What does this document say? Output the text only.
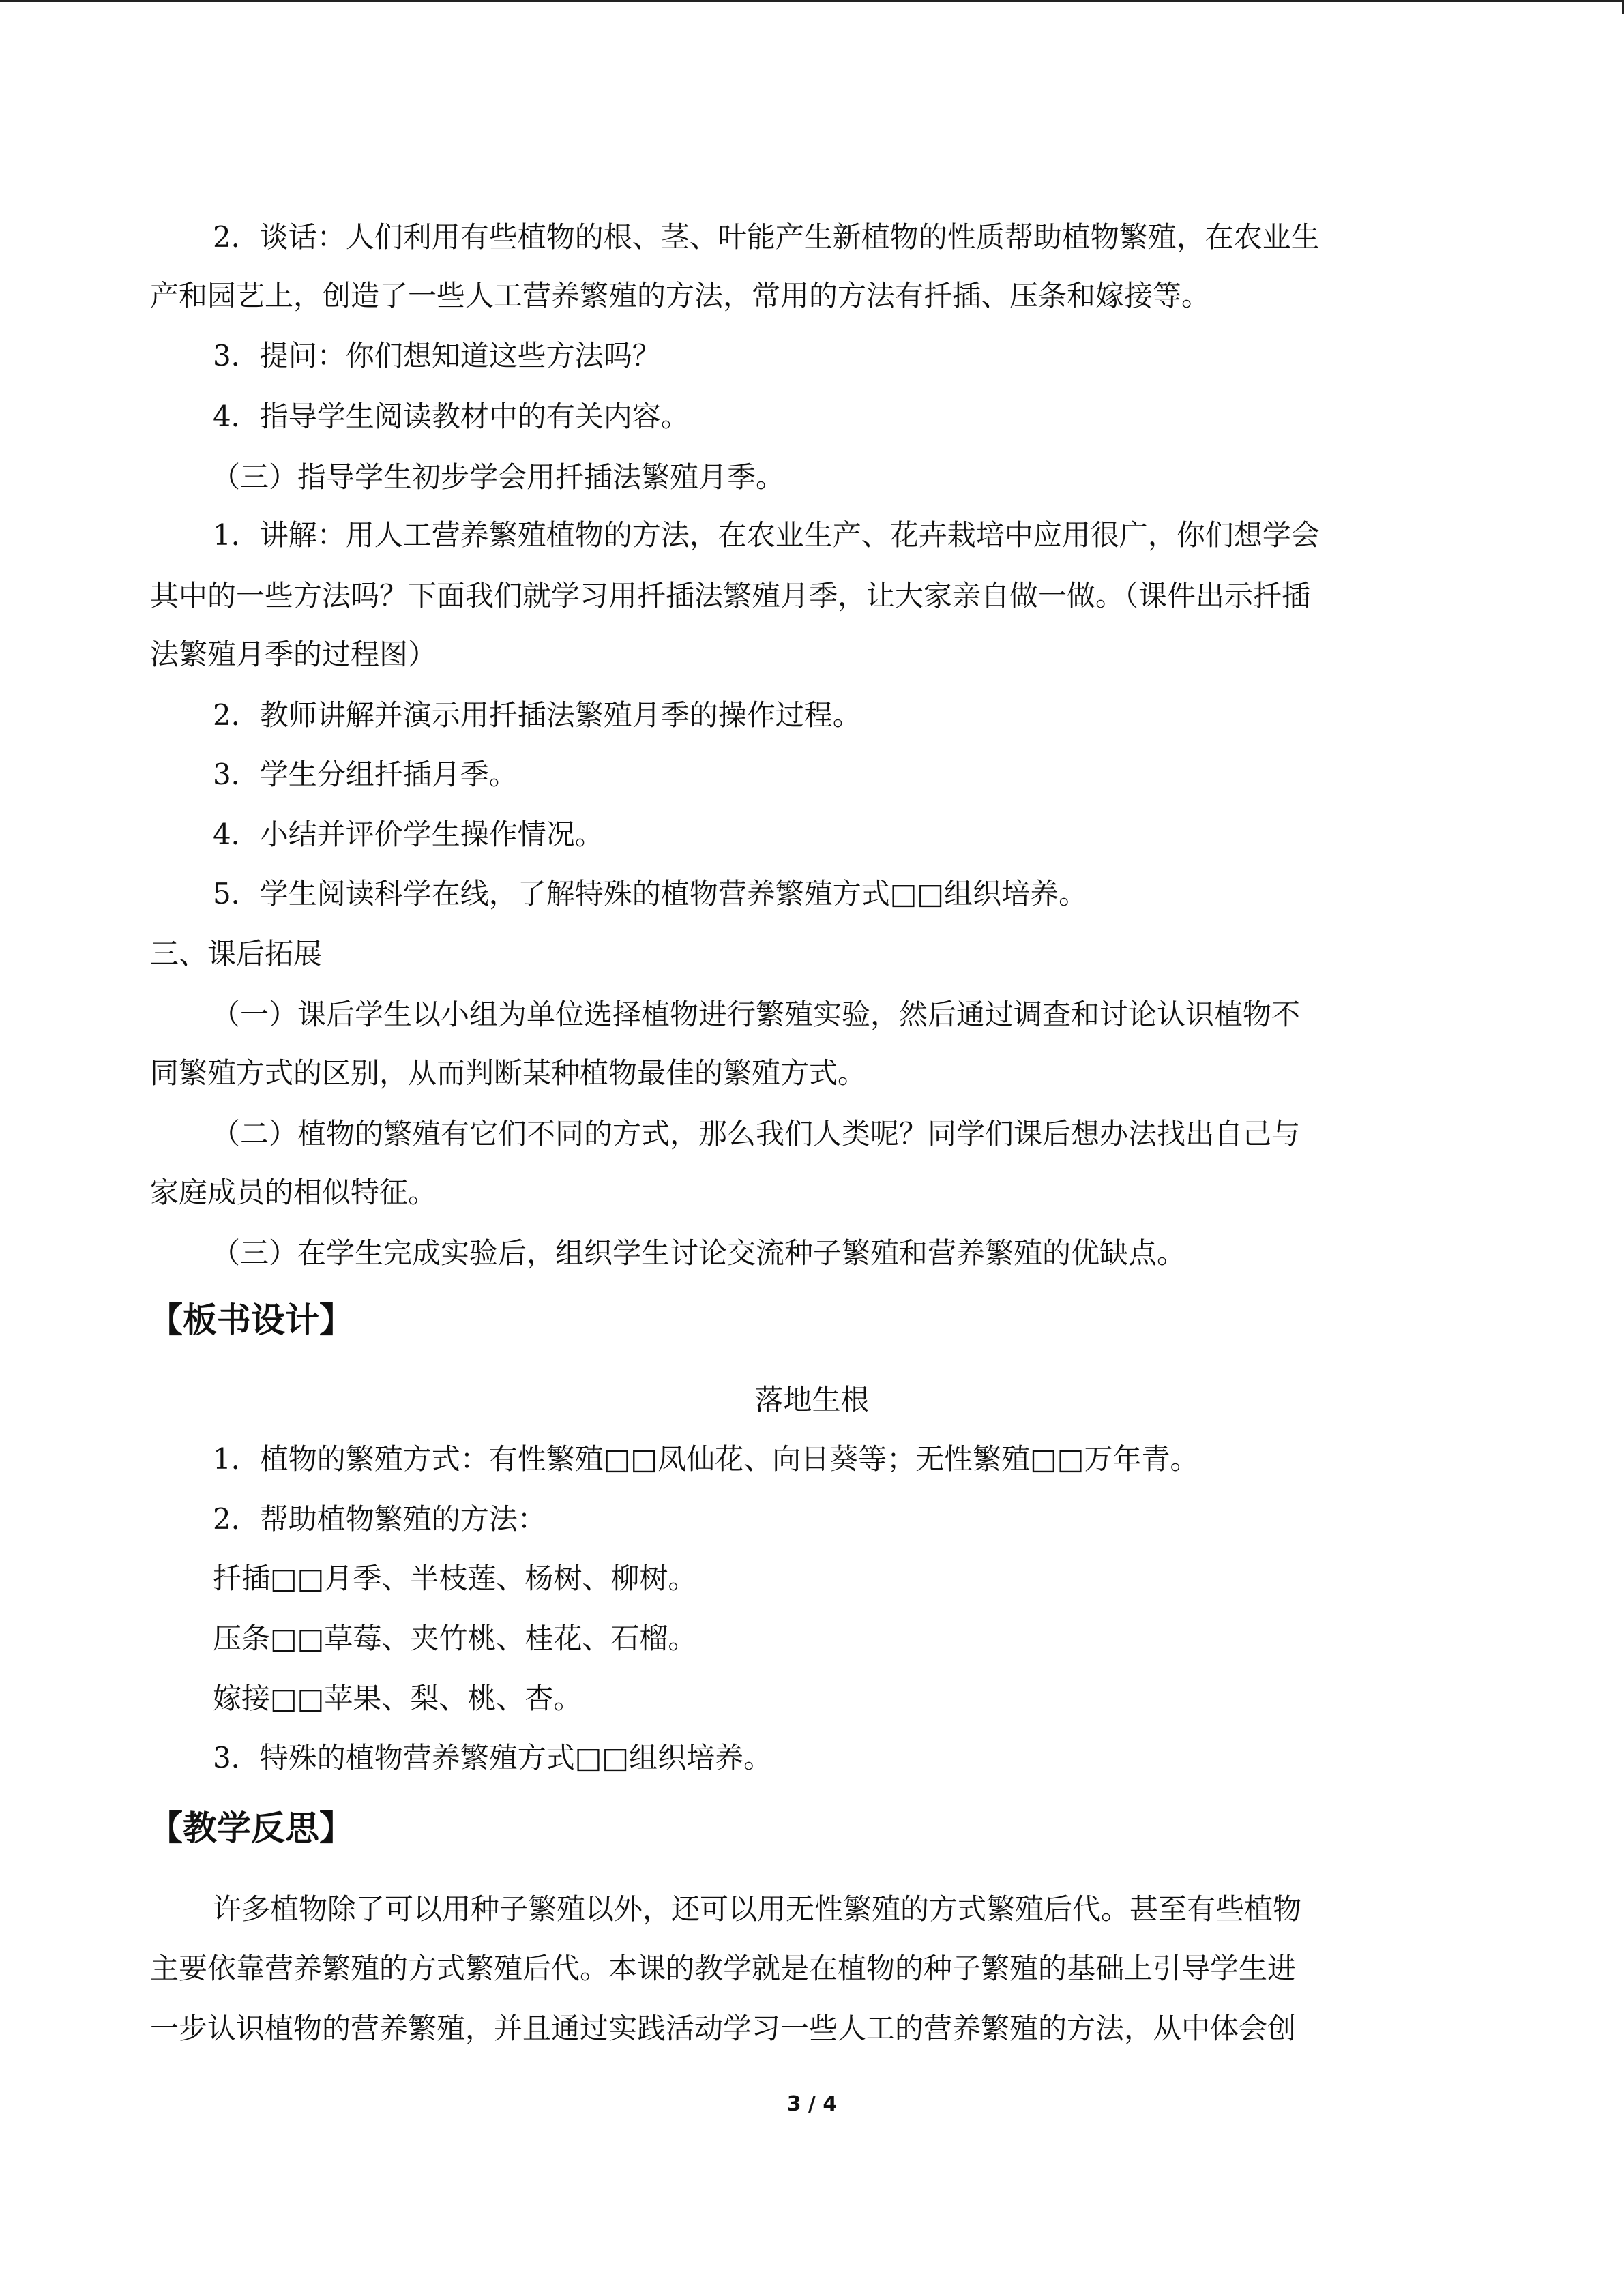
2．谈话：人们利用有些植物的根、茎、叶能产生新植物的性质帮助植物繁殖，在农业生
产和园艺上，创造了一些人工营养繁殖的方法，常用的方法有扦插、压条和嫁接等。
3．提问：你们想知道这些方法吗？
4．指导学生阅读教材中的有关内容。
（三）指导学生初步学会用扦插法繁殖月季。
1．讲解：用人工营养繁殖植物的方法，在农业生产、花卉栽培中应用很广，你们想学会
其中的一些方法吗？下面我们就学习用扦插法繁殖月季，让大家亲自做一做。（课件出示扦插
法繁殖月季的过程图）
2．教师讲解并演示用扦插法繁殖月季的操作过程。
3．学生分组扦插月季。
4．小结并评价学生操作情况。
5．学生阅读科学在线，了解特殊的植物营养繁殖方式□□组织培养。
三、课后拓展
（一）课后学生以小组为单位选择植物进行繁殖实验，然后通过调查和讨论认识植物不
同繁殖方式的区别，从而判断某种植物最佳的繁殖方式。
（二）植物的繁殖有它们不同的方式，那么我们人类呢？同学们课后想办法找出自己与
家庭成员的相似特征。
（三）在学生完成实验后，组织学生讨论交流种子繁殖和营养繁殖的优缺点。
【板书设计】
落地生根
1．植物的繁殖方式：有性繁殖□□凤仙花、向日葵等；无性繁殖□□万年青。
2．帮助植物繁殖的方法：
扦插□□月季、半枝莲、杨树、柳树。
压条□□草莓、夹竹桃、桂花、石榴。
嫁接□□苹果、梨、桃、杏。
3．特殊的植物营养繁殖方式□□组织培养。
【教学反思】
许多植物除了可以用种子繁殖以外，还可以用无性繁殖的方式繁殖后代。甚至有些植物
主要依靠营养繁殖的方式繁殖后代。本课的教学就是在植物的种子繁殖的基础上引导学生进
一步认识植物的营养繁殖，并且通过实践活动学习一些人工的营养繁殖的方法，从中体会创
3 / 4
